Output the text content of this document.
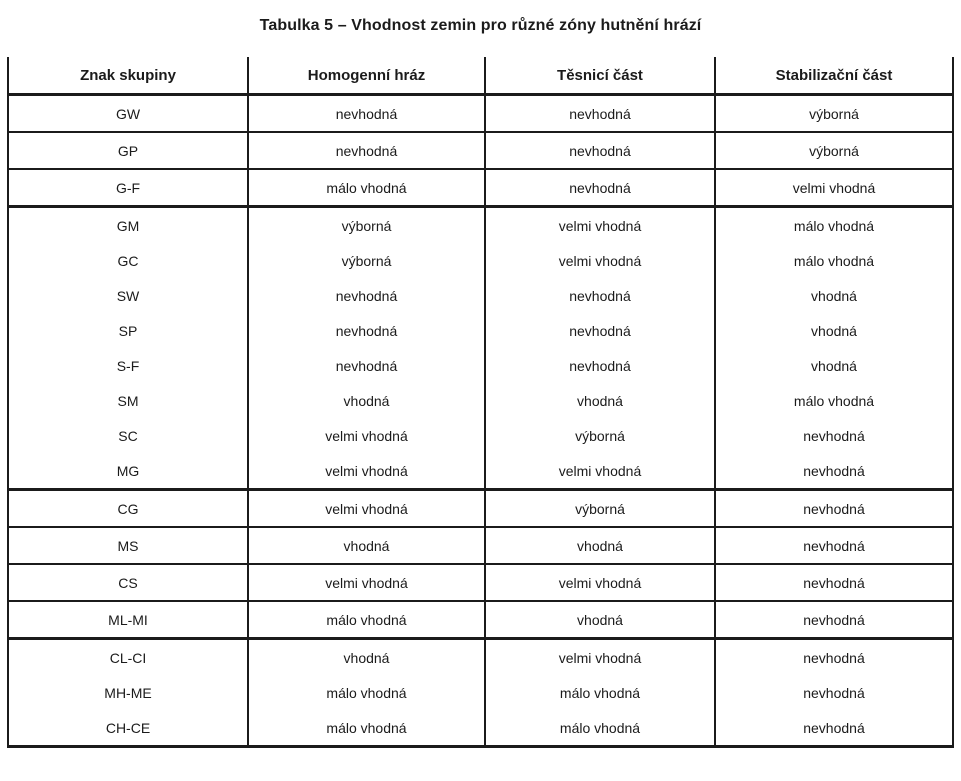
Tabulka 5 – Vhodnost zemin pro různé zóny hutnění hrází
Znak skupiny	Homogenní hráz	Těsnicí část	Stabilizační část
GW	nevhodná	nevhodná	výborná
GP	nevhodná	nevhodná	výborná
G-F	málo vhodná	nevhodná	velmi vhodná
GM	výborná	velmi vhodná	málo vhodná
GC	výborná	velmi vhodná	málo vhodná
SW	nevhodná	nevhodná	vhodná
SP	nevhodná	nevhodná	vhodná
S-F	nevhodná	nevhodná	vhodná
SM	vhodná	vhodná	málo vhodná
SC	velmi vhodná	výborná	nevhodná
MG	velmi vhodná	velmi vhodná	nevhodná
CG	velmi vhodná	výborná	nevhodná
MS	vhodná	vhodná	nevhodná
CS	velmi vhodná	velmi vhodná	nevhodná
ML-MI	málo vhodná	vhodná	nevhodná
CL-CI	vhodná	velmi vhodná	nevhodná
MH-ME	málo vhodná	málo vhodná	nevhodná
CH-CE	málo vhodná	málo vhodná	nevhodná
